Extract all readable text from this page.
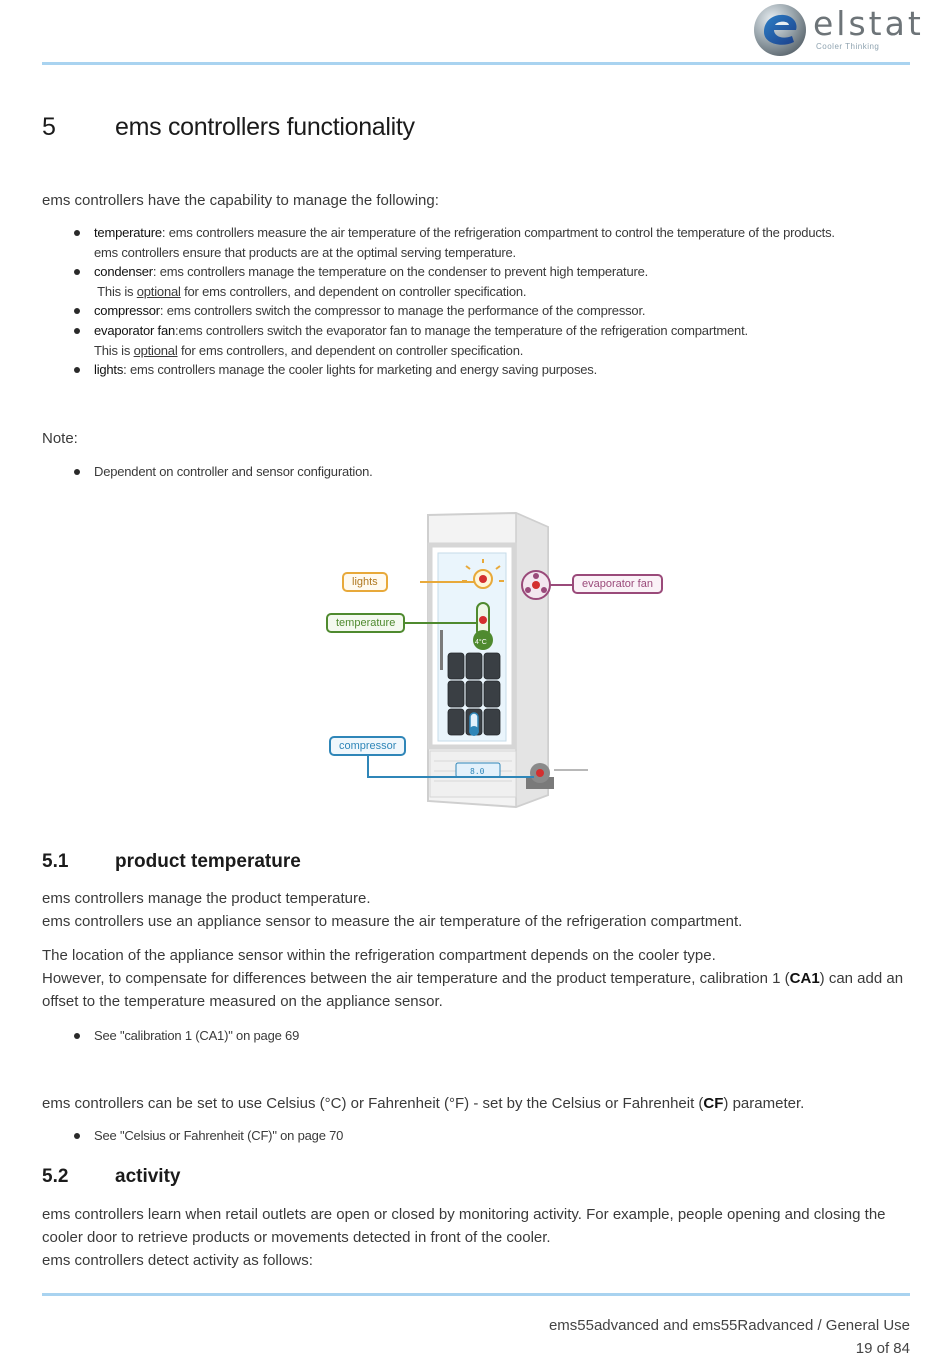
elstat
Cooler Thinking
5 ems controllers functionality

ems controllers have the capability to manage the following:

temperature: ems controllers measure the air temperature of the refrigeration compartment to control the temperature of the products.
ems controllers ensure that products are at the optimal serving temperature.
condenser: ems controllers manage the temperature on the condenser to prevent high temperature.
This is optional for ems controllers, and dependent on controller specification.
compressor: ems controllers switch the compressor to manage the performance of the compressor.
evaporator fan:ems controllers switch the evaporator fan to manage the temperature of the refrigeration compartment.
This is optional for ems controllers, and dependent on controller specification.
lights: ems controllers manage the cooler lights for marketing and energy saving purposes.

Note:

Dependent on controller and sensor configuration.
lights
temperature
compressor
evaporator fan
4°C
8.0
5.1 product temperature

ems controllers manage the product temperature.
ems controllers use an appliance sensor to measure the air temperature of the refrigeration compartment.

The location of the appliance sensor within the refrigeration compartment depends on the cooler type.
However, to compensate for differences between the air temperature and the product temperature, calibration 1 (CA1) can add an offset to the temperature measured on the appliance sensor.

See "calibration 1 (CA1)" on page 69

ems controllers can be set to use Celsius (°C) or Fahrenheit (°F) - set by the Celsius or Fahrenheit (CF) parameter.

See "Celsius or Fahrenheit (CF)" on page 70
5.2 activity

ems controllers learn when retail outlets are open or closed by monitoring activity. For example, people opening and closing the cooler door to retrieve products or movements detected in front of the cooler.
ems controllers detect activity as follows:

ems55advanced and ems55Radvanced / General Use
19 of 84
